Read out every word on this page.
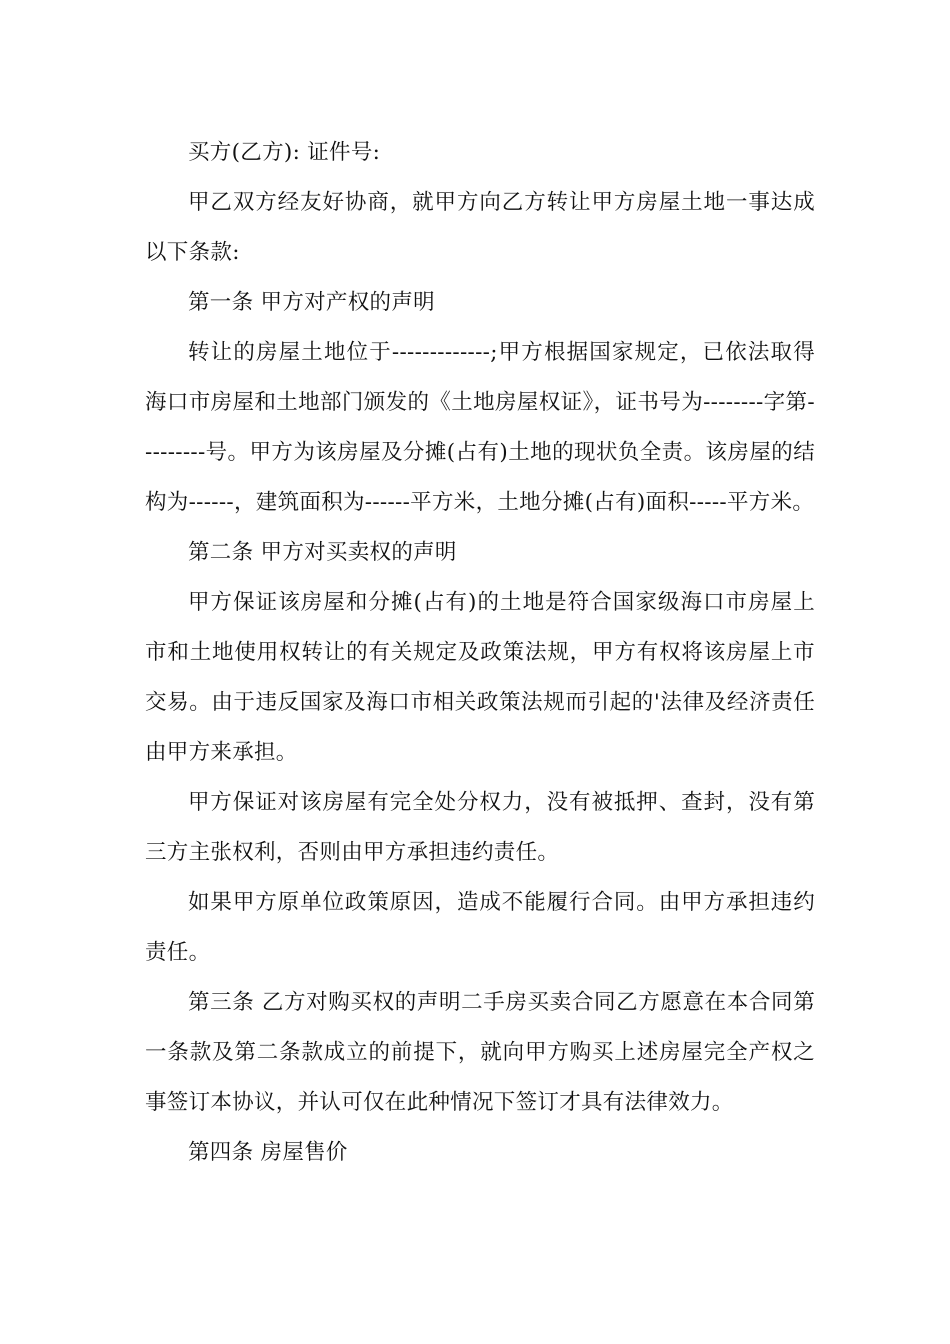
买方(乙方): 证件号:

甲乙双方经友好协商，就甲方向乙方转让甲方房屋土地一事达成以下条款:

第一条 甲方对产权的声明

转让的房屋土地位于-------------;甲方根据国家规定，已依法取得海口市房屋和土地部门颁发的《土地房屋权证》，证书号为--------字第---------号。甲方为该房屋及分摊(占有)土地的现状负全责。该房屋的结构为------，建筑面积为------平方米，土地分摊(占有)面积-----平方米。

第二条 甲方对买卖权的声明

甲方保证该房屋和分摊(占有)的土地是符合国家级海口市房屋上市和土地使用权转让的有关规定及政策法规，甲方有权将该房屋上市交易。由于违反国家及海口市相关政策法规而引起的'法律及经济责任由甲方来承担。

甲方保证对该房屋有完全处分权力，没有被抵押、查封，没有第三方主张权利，否则由甲方承担违约责任。

如果甲方原单位政策原因，造成不能履行合同。由甲方承担违约责任。

第三条 乙方对购买权的声明二手房买卖合同乙方愿意在本合同第一条款及第二条款成立的前提下，就向甲方购买上述房屋完全产权之事签订本协议，并认可仅在此种情况下签订才具有法律效力。

第四条 房屋售价
